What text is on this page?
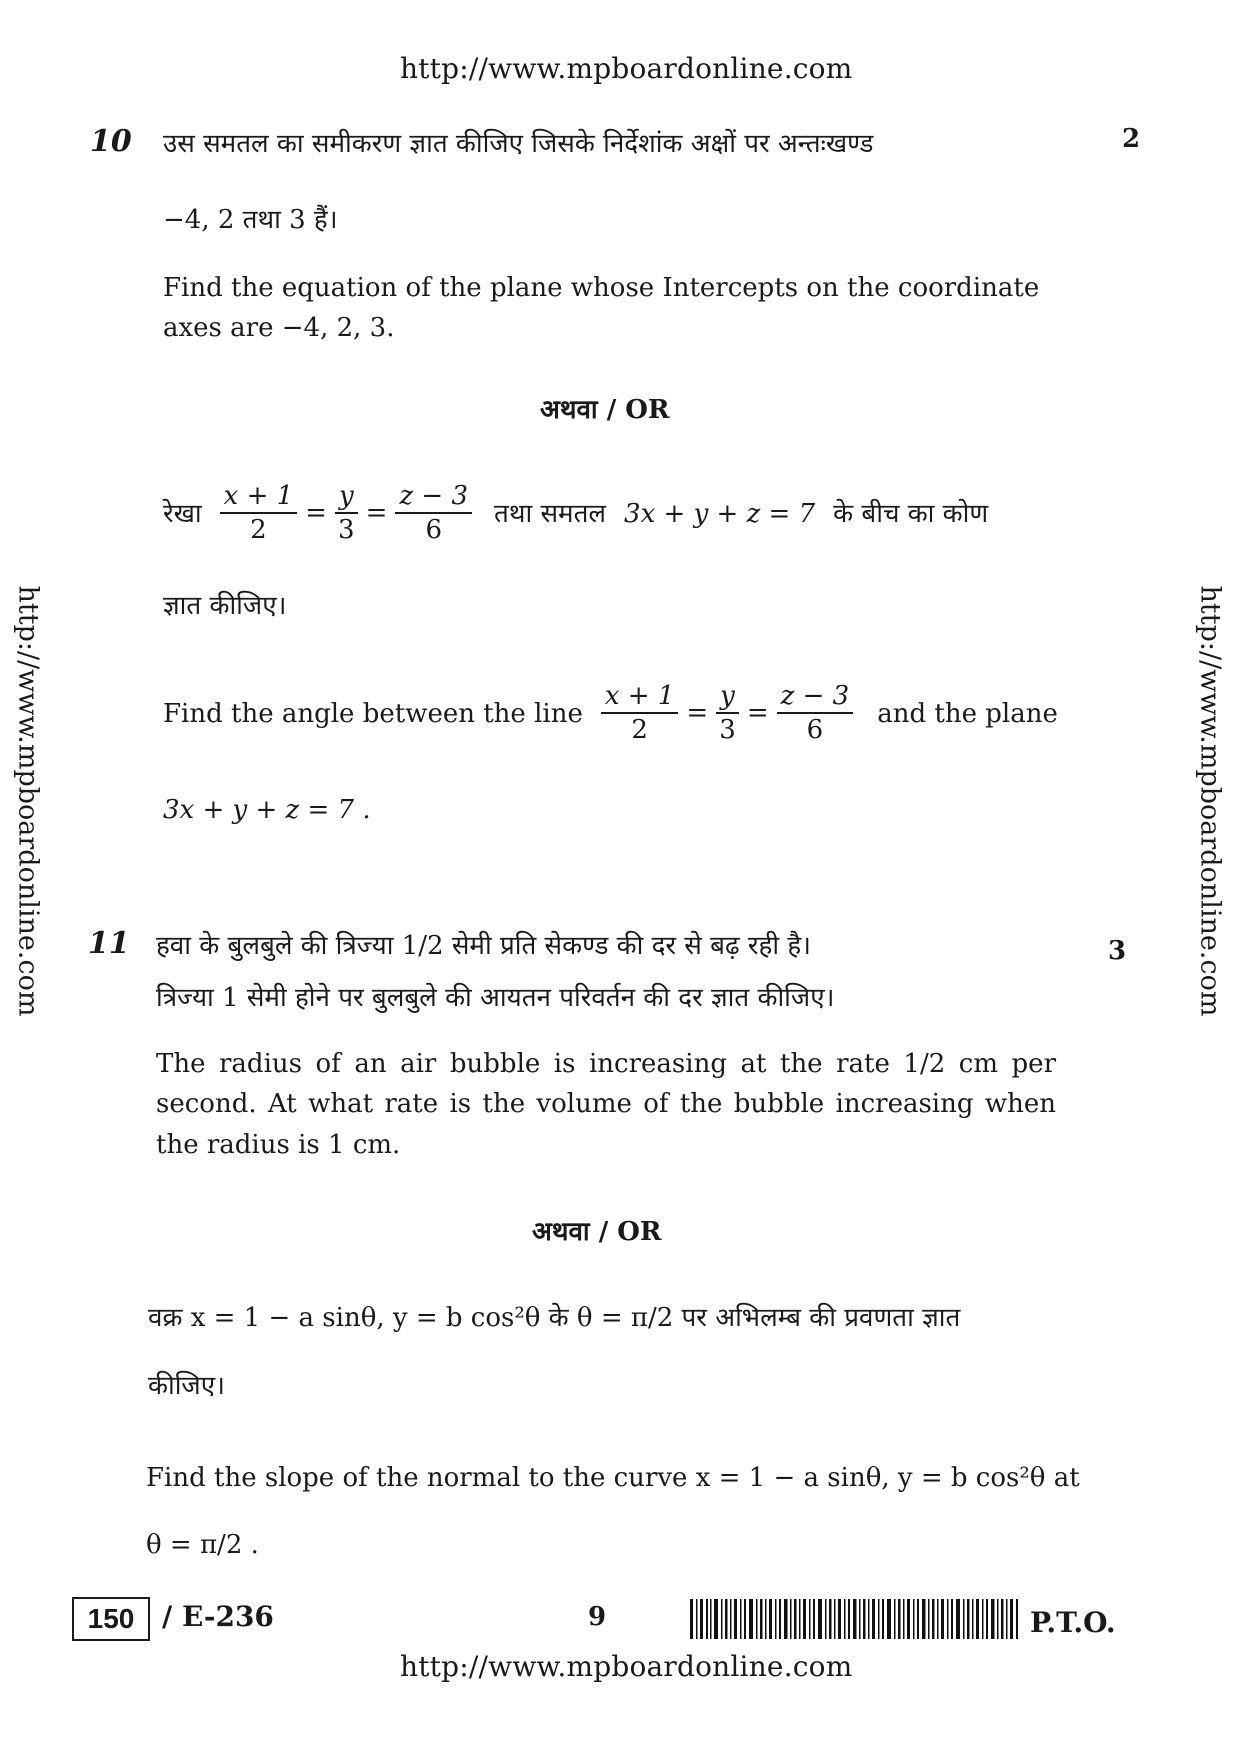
http://www.mpboardonline.com
http://www.mpboardonline.com	http://www.mpboardonline.com
10	2
उस समतल का समीकरण ज्ञात कीजिए जिसके निर्देशांक अक्षों पर अन्तःखण्ड
−4, 2 तथा 3 हैं।
Find the equation of the plane whose Intercepts on the coordinate axes are −4, 2, 3.
अथवा / OR
रेखा $\frac{x + 1}{2} = \frac{y}{3} = \frac{z - 3}{6}$ तथा समतल 3x + y + z = 7 के बीच का कोण
ज्ञात कीजिए।
Find the angle between the line $\frac{x + 1}{2} = \frac{y}{3} = \frac{z - 3}{6}$ and the plane
3x + y + z = 7 .
11	3
हवा के बुलबुले की त्रिज्या 1/2 सेमी प्रति सेकण्ड की दर से बढ़ रही है।
त्रिज्या 1 सेमी होने पर बुलबुले की आयतन परिवर्तन की दर ज्ञात कीजिए।
The radius of an air bubble is increasing at the rate 1/2 cm per second. At what rate is the volume of the bubble increasing when the radius is 1 cm.
अथवा / OR
वक्र x = 1 − a sinθ, y = b cos²θ के θ = π/2 पर अभिलम्ब की प्रवणता ज्ञात
कीजिए।
Find the slope of the normal to the curve x = 1 − a sinθ, y = b cos²θ at
θ = π/2 .
150 / E-236	9	P.T.O.
http://www.mpboardonline.com
